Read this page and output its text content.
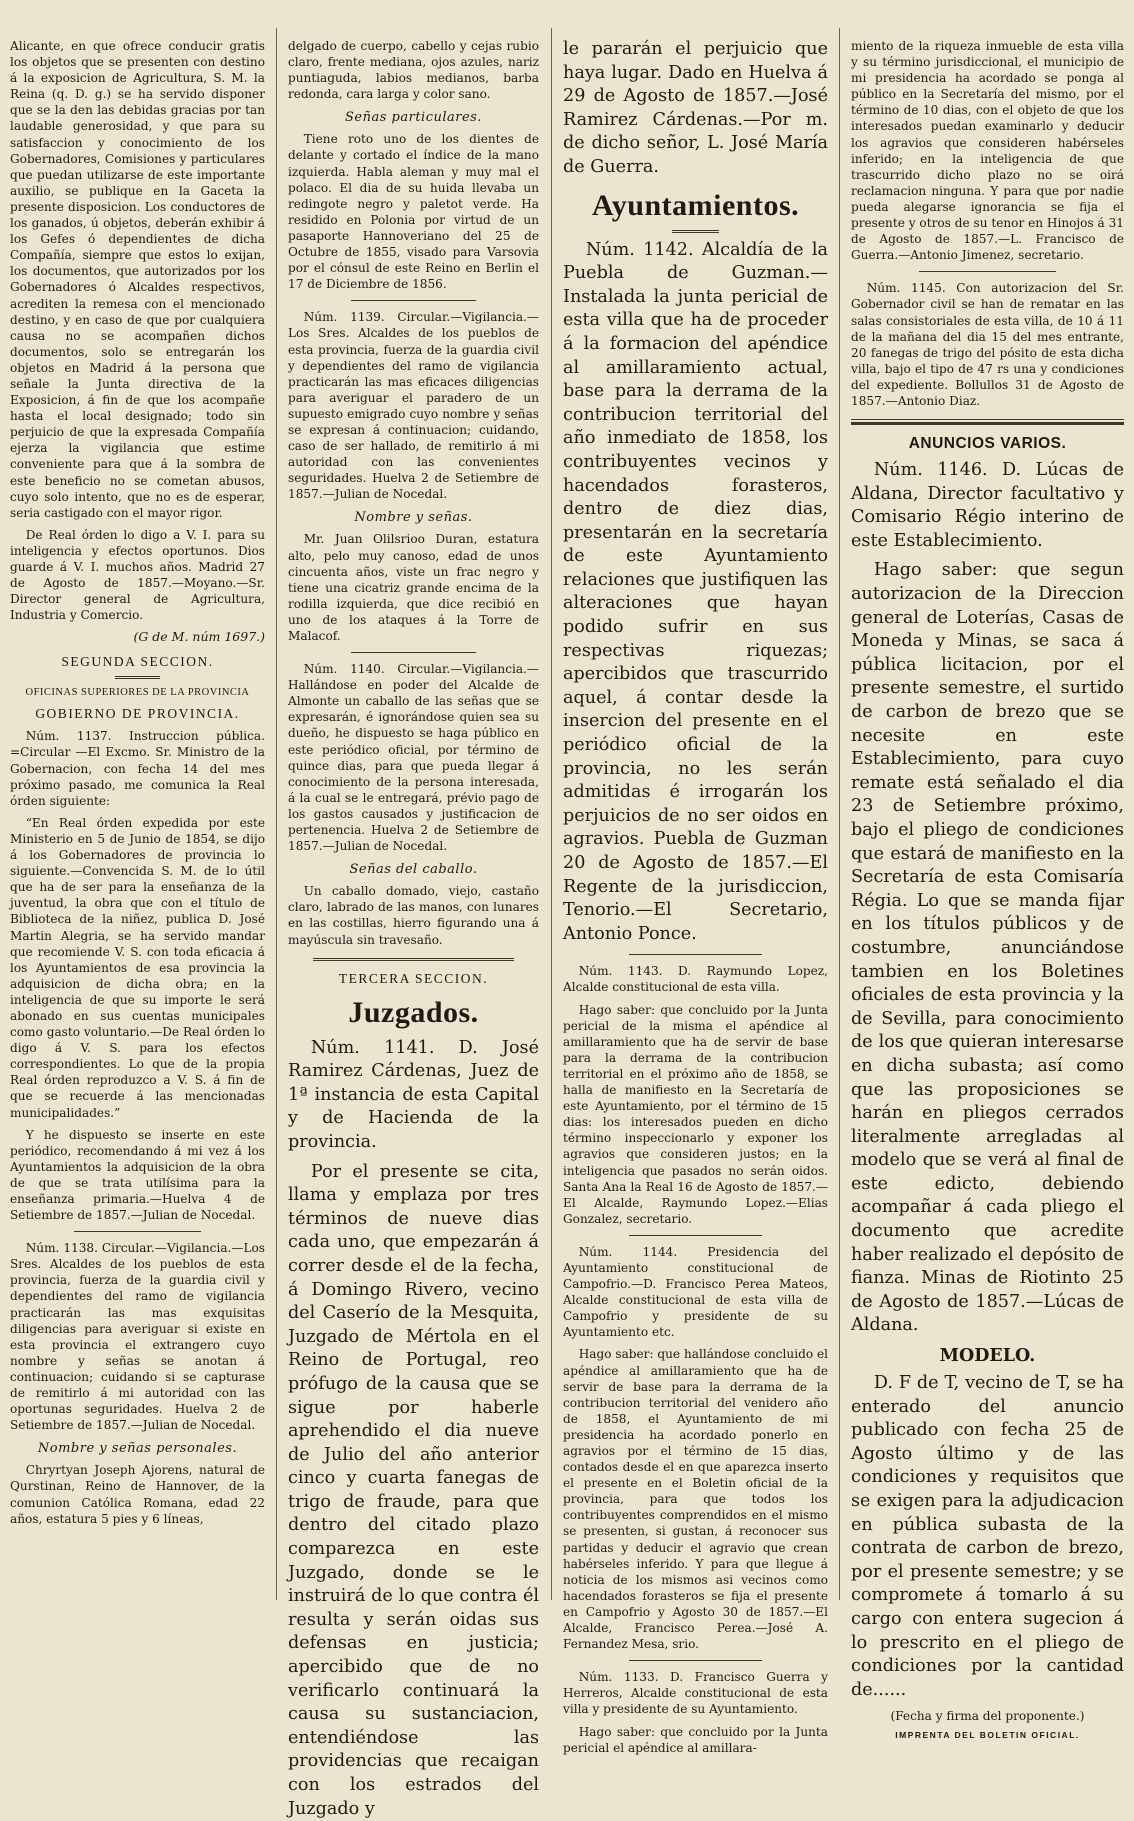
Alicante, en que ofrece conducir gratis los objetos que se presenten con destino á la exposicion de Agricultura, S. M. la Reina (q. D. g.) se ha servido disponer que se la den las debidas gracias por tan laudable generosidad, y que para su satisfaccion y conocimiento de los Gobernadores, Comisiones y particulares que puedan utilizarse de este importante auxilio, se publique en la Gaceta la presente disposicion. Los conductores de los ganados, ú objetos, deberán exhibir á los Gefes ó dependientes de dicha Compañía, siempre que estos lo exijan, los documentos, que autorizados por los Gobernadores ó Alcaldes respectivos, acrediten la remesa con el mencionado destino, y en caso de que por cualquiera causa no se acompañen dichos documentos, solo se entregarán los objetos en Madrid á la persona que señale la Junta directiva de la Exposicion, á fin de que los acompañe hasta el local designado; todo sin perjuicio de que la expresada Compañía ejerza la vigilancia que estime conveniente para que á la sombra de este beneficio no se cometan abusos, cuyo solo intento, que no es de esperar, seria castigado con el mayor rigor.

De Real órden lo digo a V. I. para su inteligencia y efectos oportunos. Dios guarde á V. I. muchos años. Madrid 27 de Agosto de 1857.—Moyano.—Sr. Director general de Agricultura, Industria y Comercio.

(G de M. núm 1697.)

SEGUNDA SECCION.
OFICINAS SUPERIORES DE LA PROVINCIA
GOBIERNO DE PROVINCIA.

Núm. 1137. Instruccion pública. =Circular —El Excmo. Sr. Ministro de la Gobernacion, con fecha 14 del mes próximo pasado, me comunica la Real órden siguiente:

“En Real órden expedida por este Ministerio en 5 de Junio de 1854, se dijo á los Gobernadores de provincia lo siguiente.—Convencida S. M. de lo útil que ha de ser para la enseñanza de la juventud, la obra que con el título de Biblioteca de la niñez, publica D. José Martin Alegria, se ha servido mandar que recomiende V. S. con toda eficacia á los Ayuntamientos de esa provincia la adquisicion de dicha obra; en la inteligencia de que su importe le será abonado en sus cuentas municipales como gasto voluntario.—De Real órden lo digo á V. S. para los efectos correspondientes. Lo que de la propia Real órden reproduzco a V. S. á fin de que se recuerde á las mencionadas municipalidades.”

Y he dispuesto se inserte en este periódico, recomendando á mi vez á los Ayuntamientos la adquisicion de la obra de que se trata utilísima para la enseñanza primaria.—Huelva 4 de Setiembre de 1857.—Julian de Nocedal.

Núm. 1138. Circular.—Vigilancia.—Los Sres. Alcaldes de los pueblos de esta provincia, fuerza de la guardia civil y dependientes del ramo de vigilancia practicarán las mas exquisitas diligencias para averiguar si existe en esta provincia el extrangero cuyo nombre y señas se anotan á continuacion; cuidando si se capturase de remitirlo á mi autoridad con las oportunas seguridades. Huelva 2 de Setiembre de 1857.—Julian de Nocedal.

Nombre y señas personales.

Chryrtyan Joseph Ajorens, natural de Qurstinan, Reino de Hannover, de la comunion Católica Romana, edad 22 años, estatura 5 pies y 6 líneas,

delgado de cuerpo, cabello y cejas rubio claro, frente mediana, ojos azules, nariz puntiaguda, labios medianos, barba redonda, cara larga y color sano.

Señas particulares.

Tiene roto uno de los dientes de delante y cortado el índice de la mano izquierda. Habla aleman y muy mal el polaco. El dia de su huida llevaba un redingote negro y paletot verde. Ha residido en Polonia por virtud de un pasaporte Hannoveriano del 25 de Octubre de 1855, visado para Varsovia por el cónsul de este Reino en Berlin el 17 de Diciembre de 1856.

Núm. 1139. Circular.—Vigilancia.—Los Sres. Alcaldes de los pueblos de esta provincia, fuerza de la guardia civil y dependientes del ramo de vigilancia practicarán las mas eficaces diligencias para averiguar el paradero de un supuesto emigrado cuyo nombre y señas se expresan á continuacion; cuidando, caso de ser hallado, de remitirlo á mi autoridad con las convenientes seguridades. Huelva 2 de Setiembre de 1857.—Julian de Nocedal.

Nombre y señas.

Mr. Juan Olilsrioo Duran, estatura alto, pelo muy canoso, edad de unos cincuenta años, viste un frac negro y tiene una cicatriz grande encima de la rodilla izquierda, que dice recibió en uno de los ataques á la Torre de Malacof.

Núm. 1140. Circular.—Vigilancia.—Hallándose en poder del Alcalde de Almonte un caballo de las señas que se expresarán, é ignorándose quien sea su dueño, he dispuesto se haga público en este periódico oficial, por término de quince dias, para que pueda llegar á conocimiento de la persona interesada, á la cual se le entregará, prévio pago de los gastos causados y justificacion de pertenencia. Huelva 2 de Setiembre de 1857.—Julian de Nocedal.

Señas del caballo.

Un caballo domado, viejo, castaño claro, labrado de las manos, con lunares en las costillas, hierro figurando una á mayúscula sin travesaño.

TERCERA SECCION.
Juzgados.

Núm. 1141. D. José Ramirez Cárdenas, Juez de 1ª instancia de esta Capital y de Hacienda de la provincia.

Por el presente se cita, llama y emplaza por tres términos de nueve dias cada uno, que empezarán á correr desde el de la fecha, á Domingo Rivero, vecino del Caserío de la Mesquita, Juzgado de Mértola en el Reino de Portugal, reo prófugo de la causa que se sigue por haberle aprehendido el dia nueve de Julio del año anterior cinco y cuarta fanegas de trigo de fraude, para que dentro del citado plazo comparezca en este Juzgado, donde se le instruirá de lo que contra él resulta y serán oidas sus defensas en justicia; apercibido que de no verificarlo continuará la causa su sustanciacion, entendiéndose las providencias que recaigan con los estrados del Juzgado y

le pararán el perjuicio que haya lugar. Dado en Huelva á 29 de Agosto de 1857.—José Ramirez Cárdenas.—Por m. de dicho señor, L. José María de Guerra.

Ayuntamientos.

Núm. 1142. Alcaldía de la Puebla de Guzman.—Instalada la junta pericial de esta villa que ha de proceder á la formacion del apéndice al amillaramiento actual, base para la derrama de la contribucion territorial del año inmediato de 1858, los contribuyentes vecinos y hacendados forasteros, dentro de diez dias, presentarán en la secretaría de este Ayuntamiento relaciones que justifiquen las alteraciones que hayan podido sufrir en sus respectivas riquezas; apercibidos que trascurrido aquel, á contar desde la insercion del presente en el periódico oficial de la provincia, no les serán admitidas é irrogarán los perjuicios de no ser oidos en agravios. Puebla de Guzman 20 de Agosto de 1857.—El Regente de la jurisdiccion, Tenorio.—El Secretario, Antonio Ponce.

Núm. 1143. D. Raymundo Lopez, Alcalde constitucional de esta villa.

Hago saber: que concluido por la Junta pericial de la misma el apéndice al amillaramiento que ha de servir de base para la derrama de la contribucion territorial en el próximo año de 1858, se halla de manifiesto en la Secretaría de este Ayuntamiento, por el término de 15 dias: los interesados pueden en dicho término inspeccionarlo y exponer los agravios que consideren justos; en la inteligencia que pasados no serán oidos. Santa Ana la Real 16 de Agosto de 1857.—El Alcalde, Raymundo Lopez.—Elias Gonzalez, secretario.

Núm. 1144. Presidencia del Ayuntamiento constitucional de Campofrio.—D. Francisco Perea Mateos, Alcalde constitucional de esta villa de Campofrio y presidente de su Ayuntamiento etc.

Hago saber: que hallándose concluido el apéndice al amillaramiento que ha de servir de base para la derrama de la contribucion territorial del venidero año de 1858, el Ayuntamiento de mi presidencia ha acordado ponerlo en agravios por el término de 15 dias, contados desde el en que aparezca inserto el presente en el Boletin oficial de la provincia, para que todos los contribuyentes comprendidos en el mismo se presenten, si gustan, á reconocer sus partidas y deducir el agravio que crean habérseles inferido. Y para que llegue á noticia de los mismos asi vecinos como hacendados forasteros se fija el presente en Campofrio y Agosto 30 de 1857.—El Alcalde, Francisco Perea.—José A. Fernandez Mesa, srio.

Núm. 1133. D. Francisco Guerra y Herreros, Alcalde constitucional de esta villa y presidente de su Ayuntamiento.

Hago saber: que concluido por la Junta pericial el apéndice al amillara-

miento de la riqueza inmueble de esta villa y su término jurisdiccional, el municipio de mi presidencia ha acordado se ponga al público en la Secretaría del mismo, por el término de 10 dias, con el objeto de que los interesados puedan examinarlo y deducir los agravios que consideren habérseles inferido; en la inteligencia de que trascurrido dicho plazo no se oirá reclamacion ninguna. Y para que por nadie pueda alegarse ignorancia se fija el presente y otros de su tenor en Hinojos á 31 de Agosto de 1857.—L. Francisco de Guerra.—Antonio Jimenez, secretario.

Núm. 1145. Con autorizacion del Sr. Gobernador civil se han de rematar en las salas consistoriales de esta villa, de 10 á 11 de la mañana del dia 15 del mes entrante, 20 fanegas de trigo del pósito de esta dicha villa, bajo el tipo de 47 rs una y condiciones del expediente. Bollullos 31 de Agosto de 1857.—Antonio Diaz.

ANUNCIOS VARIOS.

Núm. 1146. D. Lúcas de Aldana, Director facultativo y Comisario Régio interino de este Establecimiento.

Hago saber: que segun autorizacion de la Direccion general de Loterías, Casas de Moneda y Minas, se saca á pública licitacion, por el presente semestre, el surtido de carbon de brezo que se necesite en este Establecimiento, para cuyo remate está señalado el dia 23 de Setiembre próximo, bajo el pliego de condiciones que estará de manifiesto en la Secretaría de esta Comisaría Régia. Lo que se manda fijar en los títulos públicos y de costumbre, anunciándose tambien en los Boletines oficiales de esta provincia y la de Sevilla, para conocimiento de los que quieran interesarse en dicha subasta; así como que las proposiciones se harán en pliegos cerrados literalmente arregladas al modelo que se verá al final de este edicto, debiendo acompañar á cada pliego el documento que acredite haber realizado el depósito de fianza. Minas de Riotinto 25 de Agosto de 1857.—Lúcas de Aldana.

MODELO.

D. F de T, vecino de T, se ha enterado del anuncio publicado con fecha 25 de Agosto último y de las condiciones y requisitos que se exigen para la adjudicacion en pública subasta de la contrata de carbon de brezo, por el presente semestre; y se compromete á tomarlo á su cargo con entera sugecion á lo prescrito en el pliego de condiciones por la cantidad de......

(Fecha y firma del proponente.)

IMPRENTA DEL BOLETIN OFICIAL.
